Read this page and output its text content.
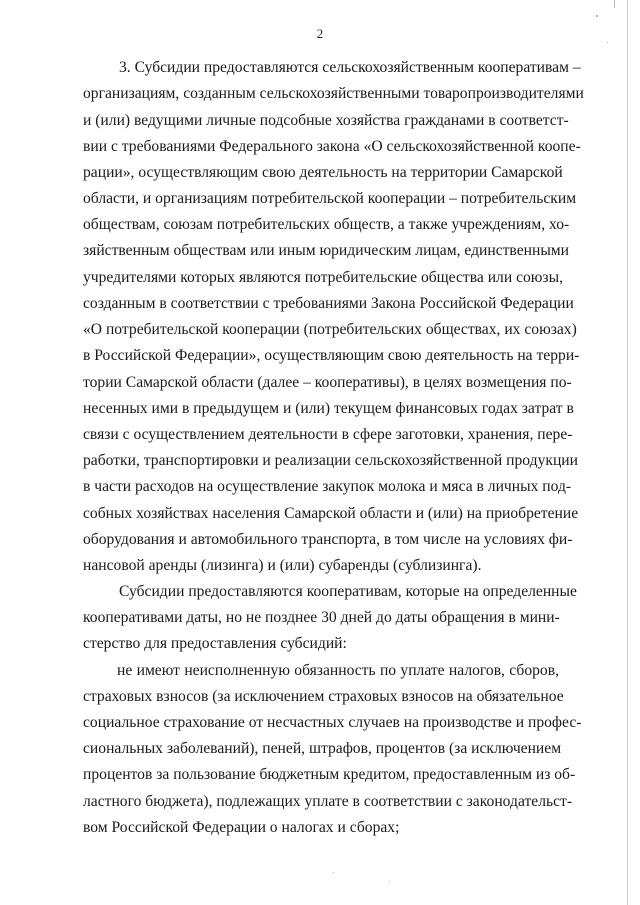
2
3. Субсидии предоставляются сельскохозяйственным кооперативам –
организациям, созданным сельскохозяйственными товаропроизводителями
и (или) ведущими личные подсобные хозяйства гражданами в соответст-
вии с требованиями Федерального закона «О сельскохозяйственной коопе-
рации», осуществляющим свою деятельность на территории Самарской
области, и организациям потребительской кооперации – потребительским
обществам, союзам потребительских обществ, а также учреждениям, хо-
зяйственным обществам или иным юридическим лицам, единственными
учредителями которых являются потребительские общества или союзы,
созданным в соответствии с требованиями Закона Российской Федерации
«О потребительской кооперации (потребительских обществах, их союзах)
в Российской Федерации», осуществляющим свою деятельность на терри-
тории Самарской области (далее – кооперативы), в целях возмещения по-
несенных ими в предыдущем и (или) текущем финансовых годах затрат в
связи с осуществлением деятельности в сфере заготовки, хранения, пере-
работки, транспортировки и реализации сельскохозяйственной продукции
в части расходов на осуществление закупок молока и мяса в личных под-
собных хозяйствах населения Самарской области и (или) на приобретение
оборудования и автомобильного транспорта, в том числе на условиях фи-
нансовой аренды (лизинга) и (или) субаренды (сублизинга).
Субсидии предоставляются кооперативам, которые на определенные
кооперативами даты, но не позднее 30 дней до даты обращения в мини-
стерство для предоставления субсидий:
не имеют неисполненную обязанность по уплате налогов, сборов,
страховых взносов (за исключением страховых взносов на обязательное
социальное страхование от несчастных случаев на производстве и профес-
сиональных заболеваний), пеней, штрафов, процентов (за исключением
процентов за пользование бюджетным кредитом, предоставленным из об-
ластного бюджета), подлежащих уплате в соответствии с законодательст-
вом Российской Федерации о налогах и сборах;
